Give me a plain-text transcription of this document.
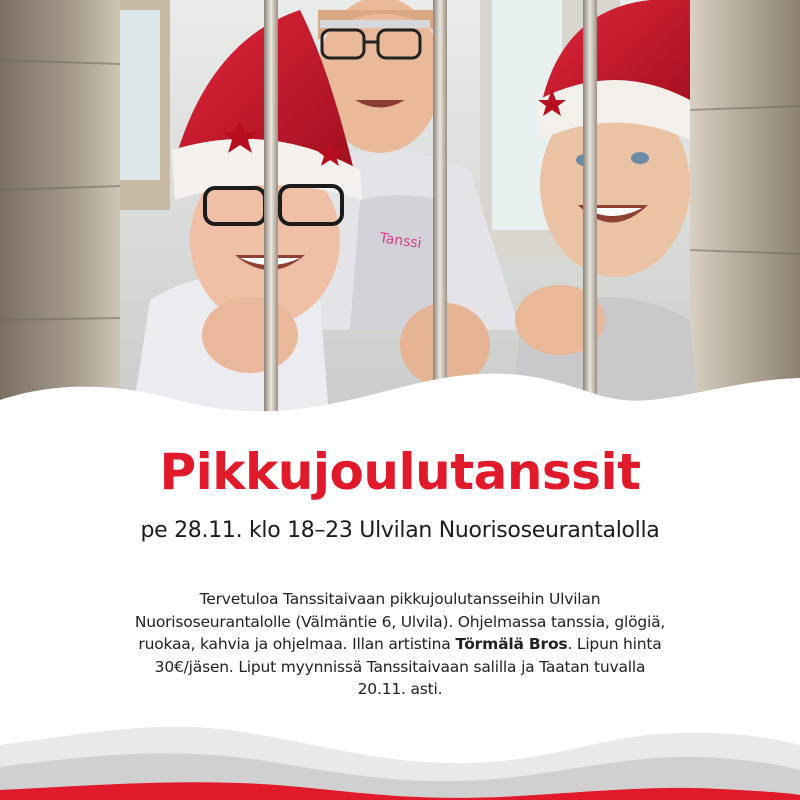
Tanssi
Pikkujoulutanssit
pe 28.11. klo 18–23 Ulvilan Nuorisoseurantalolla
Tervetuloa Tanssitaivaan pikkujoulutansseihin Ulvilan Nuorisoseurantalolle (Välmäntie 6, Ulvila). Ohjelmassa tanssia, glögiä, ruokaa, kahvia ja ohjelmaa. Illan artistina Törmälä Bros. Lipun hinta 30€/jäsen. Liput myynnissä Tanssitaivaan salilla ja Taatan tuvalla 20.11. asti.
